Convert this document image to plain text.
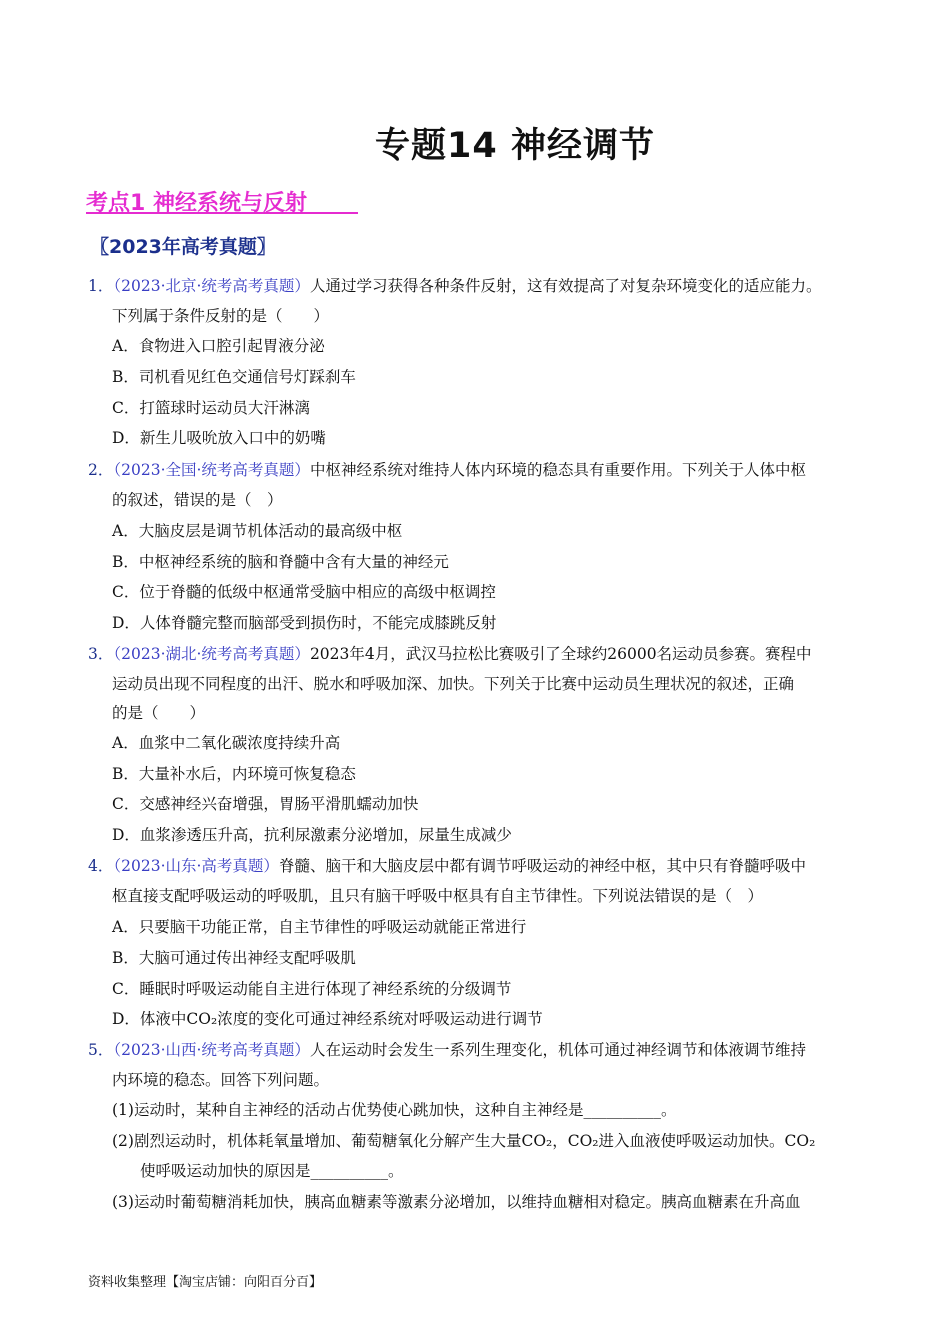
专题14 神经调节
考点1 神经系统与反射
〖2023年高考真题〗
1．（2023·北京·统考高考真题）人通过学习获得各种条件反射，这有效提高了对复杂环境变化的适应能力。
下列属于条件反射的是（　　）
A．食物进入口腔引起胃液分泌
B．司机看见红色交通信号灯踩刹车
C．打篮球时运动员大汗淋漓
D．新生儿吸吮放入口中的奶嘴
2．（2023·全国·统考高考真题）中枢神经系统对维持人体内环境的稳态具有重要作用。下列关于人体中枢
的叙述，错误的是（　）
A．大脑皮层是调节机体活动的最高级中枢
B．中枢神经系统的脑和脊髓中含有大量的神经元
C．位于脊髓的低级中枢通常受脑中相应的高级中枢调控
D．人体脊髓完整而脑部受到损伤时，不能完成膝跳反射
3．（2023·湖北·统考高考真题）2023年4月，武汉马拉松比赛吸引了全球约26000名运动员参赛。赛程中
运动员出现不同程度的出汗、脱水和呼吸加深、加快。下列关于比赛中运动员生理状况的叙述，正确
的是（　　）
A．血浆中二氧化碳浓度持续升高
B．大量补水后，内环境可恢复稳态
C．交感神经兴奋增强，胃肠平滑肌蠕动加快
D．血浆渗透压升高，抗利尿激素分泌增加，尿量生成减少
4．（2023·山东·高考真题）脊髓、脑干和大脑皮层中都有调节呼吸运动的神经中枢，其中只有脊髓呼吸中
枢直接支配呼吸运动的呼吸肌，且只有脑干呼吸中枢具有自主节律性。下列说法错误的是（　）
A．只要脑干功能正常，自主节律性的呼吸运动就能正常进行
B．大脑可通过传出神经支配呼吸肌
C．睡眠时呼吸运动能自主进行体现了神经系统的分级调节
D．体液中CO₂浓度的变化可通过神经系统对呼吸运动进行调节
5．（2023·山西·统考高考真题）人在运动时会发生一系列生理变化，机体可通过神经调节和体液调节维持
内环境的稳态。回答下列问题。
(1)运动时，某种自主神经的活动占优势使心跳加快，这种自主神经是__________。
(2)剧烈运动时，机体耗氧量增加、葡萄糖氧化分解产生大量CO₂，CO₂进入血液使呼吸运动加快。CO₂
使呼吸运动加快的原因是__________。
(3)运动时葡萄糖消耗加快，胰高血糖素等激素分泌增加，以维持血糖相对稳定。胰高血糖素在升高血
资料收集整理【淘宝店铺：向阳百分百】
